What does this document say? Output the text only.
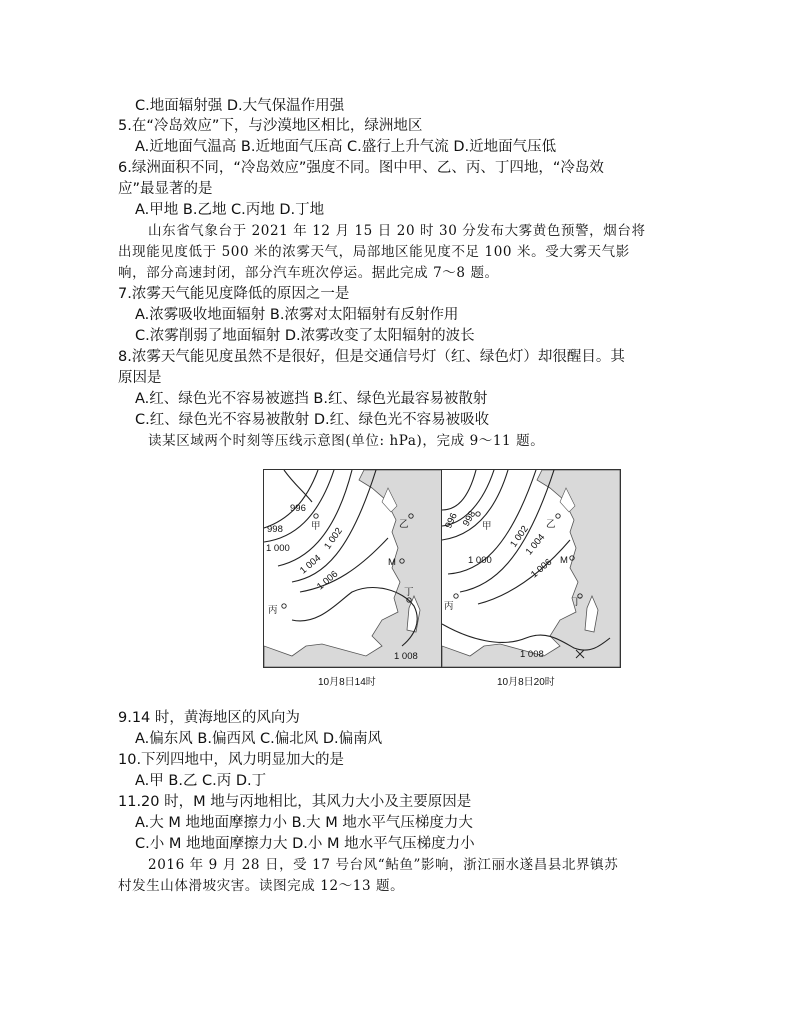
C.地面辐射强 D.大气保温作用强
5.在“冷岛效应”下，与沙漠地区相比，绿洲地区
A.近地面气温高 B.近地面气压高 C.盛行上升气流 D.近地面气压低
6.绿洲面积不同，“冷岛效应”强度不同。图中甲、乙、丙、丁四地，“冷岛效
应”最显著的是
A.甲地 B.乙地 C.丙地 D.丁地
山东省气象台于 2021 年 12 月 15 日 20 时 30 分发布大雾黄色预警，烟台将
出现能见度低于 500 米的浓雾天气，局部地区能见度不足 100 米。受大雾天气影
响，部分高速封闭，部分汽车班次停运。据此完成 7～8 题。
7.浓雾天气能见度降低的原因之一是
A.浓雾吸收地面辐射 B.浓雾对太阳辐射有反射作用
C.浓雾削弱了地面辐射 D.浓雾改变了太阳辐射的波长
8.浓雾天气能见度虽然不是很好，但是交通信号灯（红、绿色灯）却很醒目。其
原因是
A.红、绿色光不容易被遮挡 B.红、绿色光最容易被散射
C.红、绿色光不容易被散射 D.红、绿色光不容易被吸收
读某区域两个时刻等压线示意图(单位: hPa)，完成 9～11 题。
996
998
1 000	1 002
1 004
1 006
1 008
甲	乙
丙
丁
M
10月8日14时
996 998
1 000
1 002
1 004
1 006
1 008
甲	乙
丙	丁
M
10月8日20时
9.14 时，黄海地区的风向为
A.偏东风 B.偏西风 C.偏北风 D.偏南风
10.下列四地中，风力明显加大的是
A.甲 B.乙 C.丙 D.丁
11.20 时，M 地与丙地相比，其风力大小及主要原因是
A.大 M 地地面摩擦力小 B.大 M 地水平气压梯度力大
C.小 M 地地面摩擦力大 D.小 M 地水平气压梯度力小
2016 年 9 月 28 日，受 17 号台风“鲇鱼”影响，浙江丽水遂昌县北界镇苏
村发生山体滑坡灾害。读图完成 12～13 题。
